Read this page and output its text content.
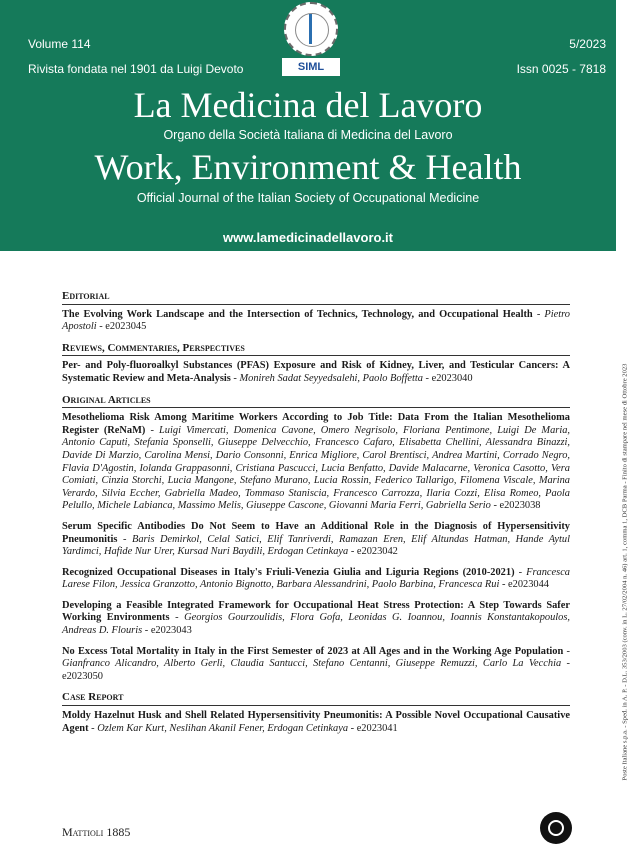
Volume 114	5/2023
Rivista fondata nel 1901 da Luigi Devoto	Issn 0025 - 7818
SIML
La Medicina del Lavoro
Organo della Società Italiana di Medicina del Lavoro
Work, Environment & Health
Official Journal of the Italian Society of Occupational Medicine
www.lamedicinadellavoro.it
Editorial
The Evolving Work Landscape and the Intersection of Technics, Technology, and Occupational Health - Pietro Apostoli - e2023045
Reviews, Commentaries, Perspectives
Per- and Poly-fluoroalkyl Substances (PFAS) Exposure and Risk of Kidney, Liver, and Testicular Cancers: A Systematic Review and Meta-Analysis - Monireh Sadat Seyyedsalehi, Paolo Boffetta - e2023040
Original Articles
Mesothelioma Risk Among Maritime Workers According to Job Title: Data From the Italian Mesothelioma Register (ReNaM) - Luigi Vimercati, Domenica Cavone, Omero Negrisolo, Floriana Pentimone, Luigi De Maria, Antonio Caputi, Stefania Sponselli, Giuseppe Delvecchio, Francesco Cafaro, Elisabetta Chellini, Alessandra Binazzi, Davide Di Marzio, Carolina Mensi, Dario Consonni, Enrica Migliore, Carol Brentisci, Andrea Martini, Corrado Negro, Flavia D'Agostin, Iolanda Grappasonni, Cristiana Pascucci, Lucia Benfatto, Davide Malacarne, Veronica Casotto, Vera Comiati, Cinzia Storchi, Lucia Mangone, Stefano Murano, Lucia Rossin, Federico Tallarigo, Filomena Viscale, Marina Verardo, Silvia Eccher, Gabriella Madeo, Tommaso Staniscia, Francesco Carrozza, Ilaria Cozzi, Elisa Romeo, Paola Pelullo, Michele Labianca, Massimo Melis, Giuseppe Cascone, Giovanni Maria Ferri, Gabriella Serio - e2023038
Serum Specific Antibodies Do Not Seem to Have an Additional Role in the Diagnosis of Hypersensitivity Pneumonitis - Baris Demirkol, Celal Satici, Elif Tanriverdi, Ramazan Eren, Elif Altundas Hatman, Hande Aytul Yardimci, Hafide Nur Urer, Kursad Nuri Baydili, Erdogan Cetinkaya - e2023042
Recognized Occupational Diseases in Italy's Friuli-Venezia Giulia and Liguria Regions (2010-2021) - Francesca Larese Filon, Jessica Granzotto, Antonio Bignotto, Barbara Alessandrini, Paolo Barbina, Francesca Rui - e2023044
Developing a Feasible Integrated Framework for Occupational Heat Stress Protection: A Step Towards Safer Working Environments - Georgios Gourzoulidis, Flora Gofa, Leonidas G. Ioannou, Ioannis Konstantakopoulos, Andreas D. Flouris - e2023043
No Excess Total Mortality in Italy in the First Semester of 2023 at All Ages and in the Working Age Population - Gianfranco Alicandro, Alberto Gerli, Claudia Santucci, Stefano Centanni, Giuseppe Remuzzi, Carlo La Vecchia - e2023050
Case Report
Moldy Hazelnut Husk and Shell Related Hypersensitivity Pneumonitis: A Possible Novel Occupational Causative Agent - Ozlem Kar Kurt, Neslihan Akanil Fener, Erdogan Cetinkaya - e2023041
Mattioli 1885
Poste Italiane s.p.a. - Sped. in A. P. - D.L. 353/2003 (conv. in L. 27/02/2004 n. 46) art. 1, comma 1, DCB Parma - Finito di stampare nel mese di Ottobre 2023
